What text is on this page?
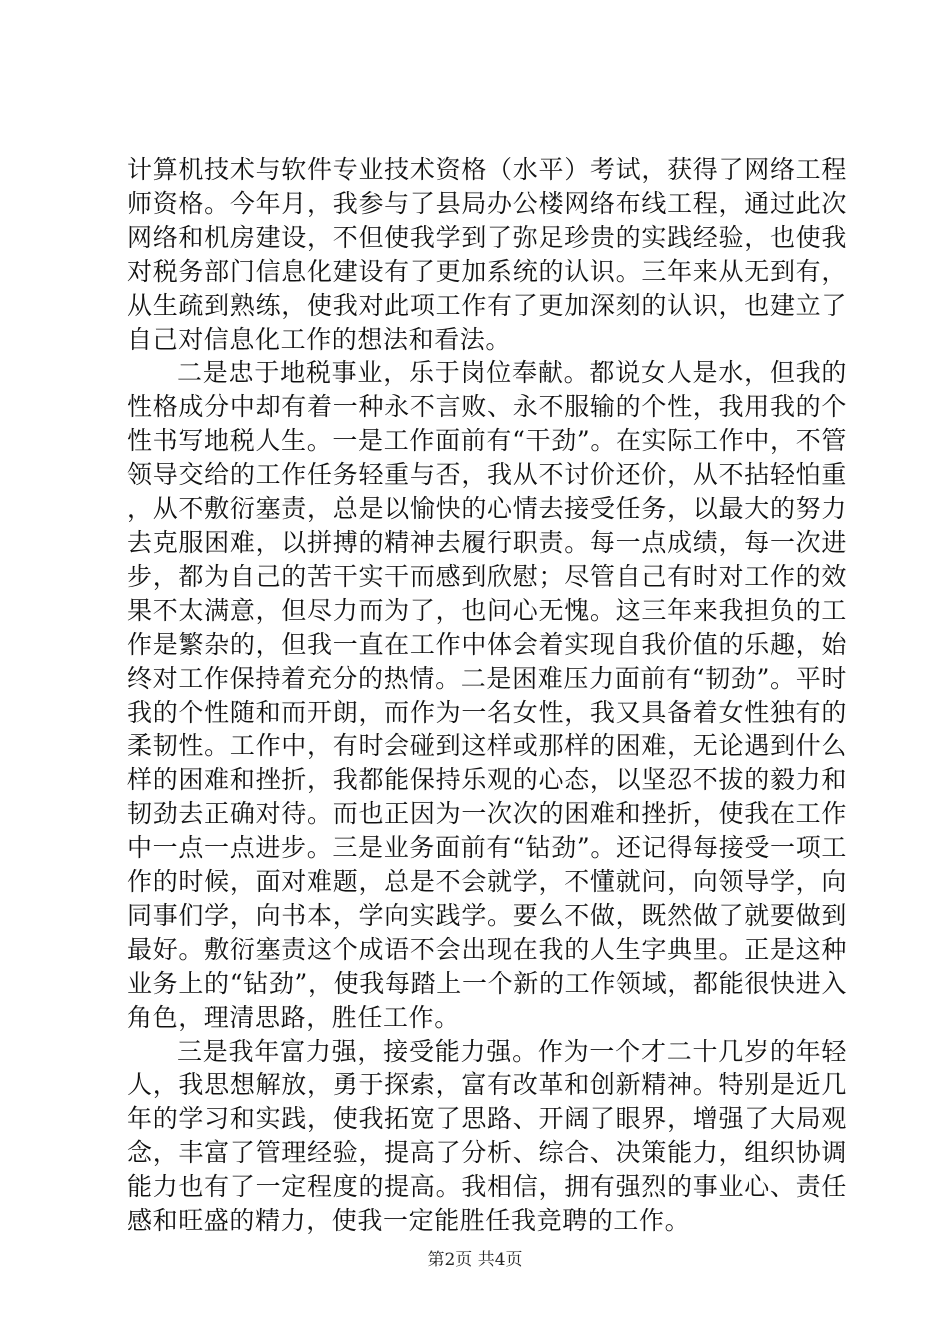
计算机技术与软件专业技术资格（水平）考试，获得了网络工程师资格。今年月，我参与了县局办公楼网络布线工程，通过此次网络和机房建设，不但使我学到了弥足珍贵的实践经验，也使我对税务部门信息化建设有了更加系统的认识。三年来从无到有，从生疏到熟练，使我对此项工作有了更加深刻的认识，也建立了自己对信息化工作的想法和看法。

二是忠于地税事业，乐于岗位奉献。都说女人是水，但我的性格成分中却有着一种永不言败、永不服输的个性，我用我的个性书写地税人生。一是工作面前有“干劲”。在实际工作中，不管领导交给的工作任务轻重与否，我从不讨价还价，从不拈轻怕重，从不敷衍塞责，总是以愉快的心情去接受任务，以最大的努力去克服困难，以拼搏的精神去履行职责。每一点成绩，每一次进步，都为自己的苦干实干而感到欣慰；尽管自己有时对工作的效果不太满意，但尽力而为了，也问心无愧。这三年来我担负的工作是繁杂的，但我一直在工作中体会着实现自我价值的乐趣，始终对工作保持着充分的热情。二是困难压力面前有“韧劲”。平时我的个性随和而开朗，而作为一名女性，我又具备着女性独有的柔韧性。工作中，有时会碰到这样或那样的困难，无论遇到什么样的困难和挫折，我都能保持乐观的心态，以坚忍不拔的毅力和韧劲去正确对待。而也正因为一次次的困难和挫折，使我在工作中一点一点进步。三是业务面前有“钻劲”。还记得每接受一项工作的时候，面对难题，总是不会就学，不懂就问，向领导学，向同事们学，向书本，学向实践学。要么不做，既然做了就要做到最好。敷衍塞责这个成语不会出现在我的人生字典里。正是这种业务上的“钻劲”，使我每踏上一个新的工作领域，都能很快进入角色，理清思路，胜任工作。

三是我年富力强，接受能力强。作为一个才二十几岁的年轻人，我思想解放，勇于探索，富有改革和创新精神。特别是近几年的学习和实践，使我拓宽了思路、开阔了眼界，增强了大局观念，丰富了管理经验，提高了分析、综合、决策能力，组织协调能力也有了一定程度的提高。我相信，拥有强烈的事业心、责任感和旺盛的精力，使我一定能胜任我竞聘的工作。

第2页 共4页
